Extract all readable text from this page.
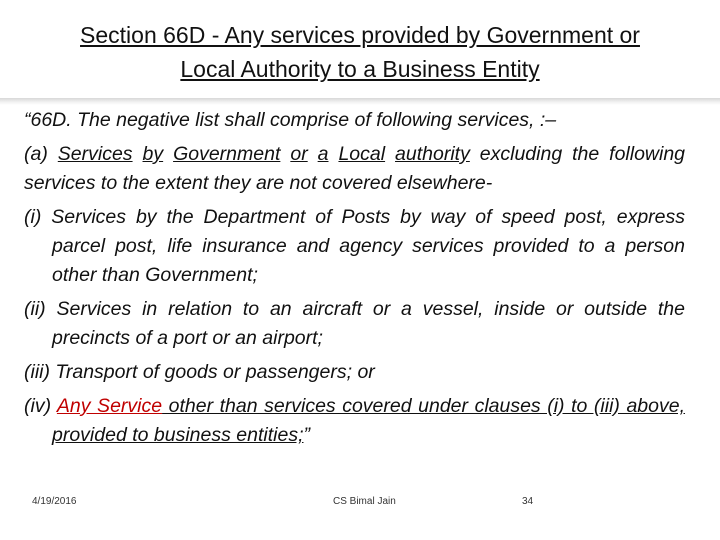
Section 66D - Any services provided by Government or
Local Authority to a Business Entity

“66D. The negative list shall comprise of following services, :–

(a) Services by Government or a Local authority excluding the following services to the extent they are not covered elsewhere-

(i) Services by the Department of Posts by way of speed post, express parcel post, life insurance and agency services provided to a person other than Government;

(ii) Services in relation to an aircraft or a vessel, inside or outside the precincts of a port or an airport;

(iii) Transport of goods or passengers; or

(iv) Any Service other than services covered under clauses (i) to (iii) above, provided to business entities;”

4/19/2016	CS Bimal Jain	34
